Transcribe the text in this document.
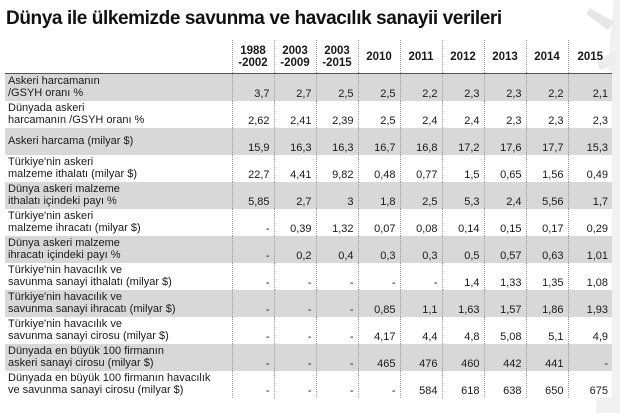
Dünya ile ülkemizde savunma ve havacılık sanayii verileri

	1988
-2002	2003
-2009	2003
-2015	2010	2011	2012	2013	2014	2015

Askeri harcamanın
/GSYH oranı %	3,7	2,7	2,5	2,5	2,2	2,3	2,3	2,2	2,1

Dünyada askeri
harcamanın /GSYH oranı %	2,62	2,41	2,39	2,5	2,4	2,4	2,3	2,3	2,3

Askeri harcama (milyar $)	15,9	16,3	16,3	16,7	16,8	17,2	17,6	17,7	15,3

Türkiye'nin askeri
malzeme ithalatı (milyar $)	22,7	4,41	9,82	0,48	0,77	1,5	0,65	1,56	0,49

Dünya askeri malzeme
ithalatı içindeki payı %	5,85	2,7	3	1,8	2,5	5,3	2,4	5,56	1,7

Türkiye'nin askeri
malzeme ihracatı (milyar $)	-	0,39	1,32	0,07	0,08	0,14	0,15	0,17	0,29

Dünya askeri malzeme
ihracatı içindeki payı %	-	0,2	0,4	0,3	0,3	0,5	0,57	0,63	1,01

Türkiye'nin havacılık ve
savunma sanayi ithalatı (milyar $)	-	-	-	-	-	1,4	1,33	1,35	1,08

Türkiye'nin havacılık ve
savunma sanayi ihracatı (milyar $)	-	-	-	0,85	1,1	1,63	1,57	1,86	1,93

Türkiye'nin havacılık ve
savunma sanayi cirosu (milyar $)	-	-	-	4,17	4,4	4,8	5,08	5,1	4,9

Dünyada en büyük 100 firmanın
askeri sanayi cirosu (milyar $)	-	-	-	465	476	460	442	441	-

Dünyada en büyük 100 firmanın havacılık
ve savunma sanayi cirosu (milyar $)	-	-	-	-	584	618	638	650	675
